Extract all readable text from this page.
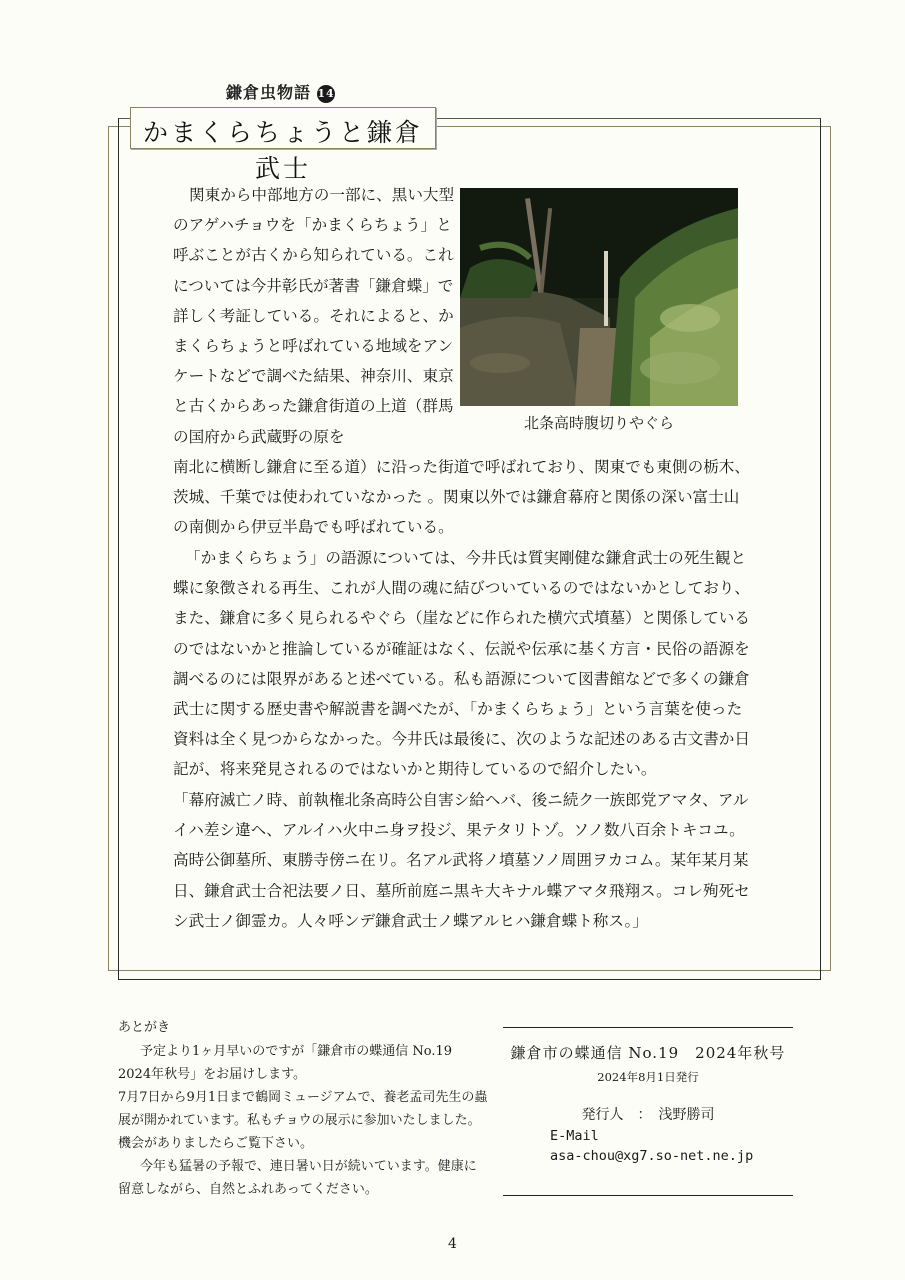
鎌倉虫物語 14
かまくらちょうと鎌倉武士
北条高時腹切りやぐら
関東から中部地方の一部に、黒い大型のアゲハチョウを「かまくらちょう」と呼ぶことが古くから知られている。これについては今井彰氏が著書「鎌倉蝶」で詳しく考証している。それによると、かまくらちょうと呼ばれている地域をアンケートなどで調べた結果、神奈川、東京と古くからあった鎌倉街道の上道（群馬の国府から武蔵野の原を
南北に横断し鎌倉に至る道）に沿った街道で呼ばれており、関東でも東側の栃木、茨城、千葉では使われていなかった 。関東以外では鎌倉幕府と関係の深い富士山の南側から伊豆半島でも呼ばれている。
「かまくらちょう」の語源については、今井氏は質実剛健な鎌倉武士の死生観と蝶に象徴される再生、これが人間の魂に結びついているのではないかとしており、また、鎌倉に多く見られるやぐら（崖などに作られた横穴式墳墓）と関係しているのではないかと推論しているが確証はなく、伝説や伝承に基く方言・民俗の語源を調べるのには限界があると述べている。私も語源について図書館などで多くの鎌倉武士に関する歴史書や解説書を調べたが、「かまくらちょう」という言葉を使った資料は全く見つからなかった。今井氏は最後に、次のような記述のある古文書か日記が、将来発見されるのではないかと期待しているので紹介したい。
「幕府滅亡ノ時、前執権北条高時公自害シ給ヘバ、後ニ続ク一族郎党アマタ、アルイハ差シ違ヘ、アルイハ火中ニ身ヲ投ジ、果テタリトゾ。ソノ数八百余トキコユ。高時公御墓所、東勝寺傍ニ在リ。名アル武将ノ墳墓ソノ周囲ヲカコム。某年某月某日、鎌倉武士合祀法要ノ日、墓所前庭ニ黒キ大キナル蝶アマタ飛翔ス。コレ殉死セシ武士ノ御霊カ。人々呼ンデ鎌倉武士ノ蝶アルヒハ鎌倉蝶ト称ス。」
あとがき
予定より1ヶ月早いのですが「鎌倉市の蝶通信 No.19 2024年秋号」をお届けします。
7月7日から9月1日まで鶴岡ミュージアムで、養老孟司先生の蟲展が開かれています。私もチョウの展示に参加いたしました。機会がありましたらご覧下さい。
今年も猛暑の予報で、連日暑い日が続いています。健康に留意しながら、自然とふれあってください。
鎌倉市の蝶通信 No.19　2024年秋号
2024年8月1日発行
発行人　：　浅野勝司
E-Mail
asa-chou@xg7.so-net.ne.jp
4
